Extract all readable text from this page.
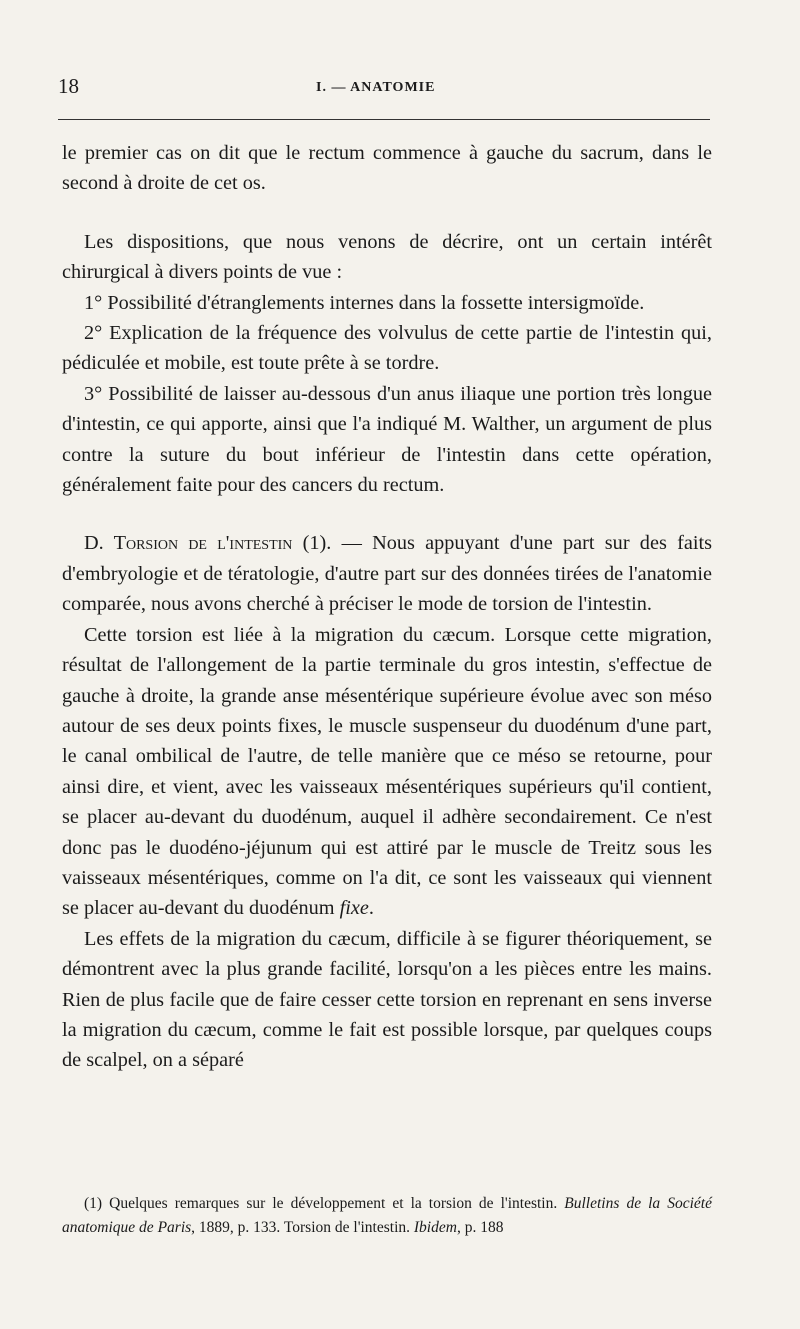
18	I. — ANATOMIE

le premier cas on dit que le rectum commence à gauche du sacrum, dans le second à droite de cet os.

Les dispositions, que nous venons de décrire, ont un certain intérêt chirurgical à divers points de vue :

1° Possibilité d'étranglements internes dans la fossette intersigmoïde.

2° Explication de la fréquence des volvulus de cette partie de l'intestin qui, pédiculée et mobile, est toute prête à se tordre.

3° Possibilité de laisser au-dessous d'un anus iliaque une portion très longue d'intestin, ce qui apporte, ainsi que l'a indiqué M. Walther, un argument de plus contre la suture du bout inférieur de l'intestin dans cette opération, généralement faite pour des cancers du rectum.

D. Torsion de l'intestin (1). — Nous appuyant d'une part sur des faits d'embryologie et de tératologie, d'autre part sur des données tirées de l'anatomie comparée, nous avons cherché à préciser le mode de torsion de l'intestin.

Cette torsion est liée à la migration du cæcum. Lorsque cette migration, résultat de l'allongement de la partie terminale du gros intestin, s'effectue de gauche à droite, la grande anse mésentérique supérieure évolue avec son méso autour de ses deux points fixes, le muscle suspenseur du duodénum d'une part, le canal ombilical de l'autre, de telle manière que ce méso se retourne, pour ainsi dire, et vient, avec les vaisseaux mésentériques supérieurs qu'il contient, se placer au-devant du duodénum, auquel il adhère secondairement. Ce n'est donc pas le duodéno-jéjunum qui est attiré par le muscle de Treitz sous les vaisseaux mésentériques, comme on l'a dit, ce sont les vaisseaux qui viennent se placer au-devant du duodénum fixe.

Les effets de la migration du cæcum, difficile à se figurer théoriquement, se démontrent avec la plus grande facilité, lorsqu'on a les pièces entre les mains. Rien de plus facile que de faire cesser cette torsion en reprenant en sens inverse la migration du cæcum, comme le fait est possible lorsque, par quelques coups de scalpel, on a séparé

(1) Quelques remarques sur le développement et la torsion de l'intestin. Bulletins de la Société anatomique de Paris, 1889, p. 133. Torsion de l'intestin. Ibidem, p. 188
